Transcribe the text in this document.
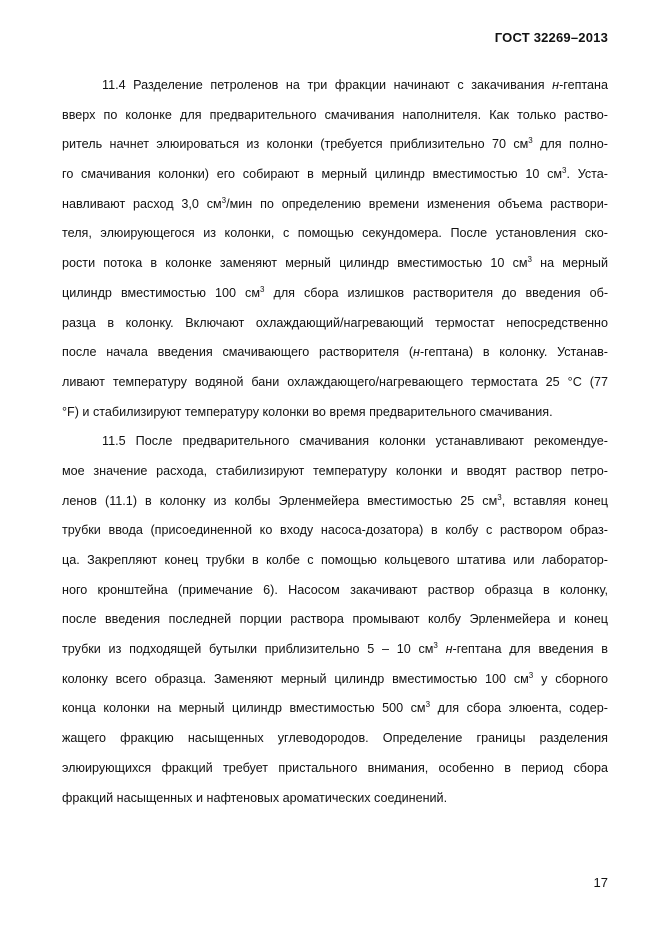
ГОСТ 32269–2013
11.4 Разделение петроленов на три фракции начинают с закачивания н-гептана
вверх по колонке для предварительного смачивания наполнителя. Как только раство-
ритель начнет элюироваться из колонки (требуется приблизительно 70 $см^3$ для полно-
го смачивания колонки) его собирают в мерный цилиндр вместимостью 10 $см^3$. Уста-
навливают расход 3,0 $см^3$/мин по определению времени изменения объема раствори-
теля, элюирующегося из колонки, с помощью секундомера. После установления ско-
рости потока в колонке заменяют мерный цилиндр вместимостью 10 $см^3$ на мерный
цилиндр вместимостью 100 $см^3$ для сбора излишков растворителя до введения об-
разца в колонку. Включают охлаждающий/нагревающий термостат непосредственно
после начала введения смачивающего растворителя (н-гептана) в колонку. Устанав-
ливают температуру водяной бани охлаждающего/нагревающего термостата 25 °С (77
°F) и стабилизируют температуру колонки во время предварительного смачивания.
11.5 После предварительного смачивания колонки устанавливают рекомендуе-
мое значение расхода, стабилизируют температуру колонки и вводят раствор петро-
ленов (11.1) в колонку из колбы Эрленмейера вместимостью 25 $см^3$, вставляя конец
трубки ввода (присоединенной ко входу насоса-дозатора) в колбу с раствором образ-
ца. Закрепляют конец трубки в колбе с помощью кольцевого штатива или лаборатор-
ного кронштейна (примечание 6). Насосом закачивают раствор образца в колонку,
после введения последней порции раствора промывают колбу Эрленмейера и конец
трубки из подходящей бутылки приблизительно 5 – 10 $см^3$ н-гептана для введения в
колонку всего образца. Заменяют мерный цилиндр вместимостью 100 $см^3$ у сборного
конца колонки на мерный цилиндр вместимостью 500 $см^3$ для сбора элюента, содер-
жащего фракцию насыщенных углеводородов. Определение границы разделения
элюирующихся фракций требует пристального внимания, особенно в период сбора
фракций насыщенных и нафтеновых ароматических соединений.
17
